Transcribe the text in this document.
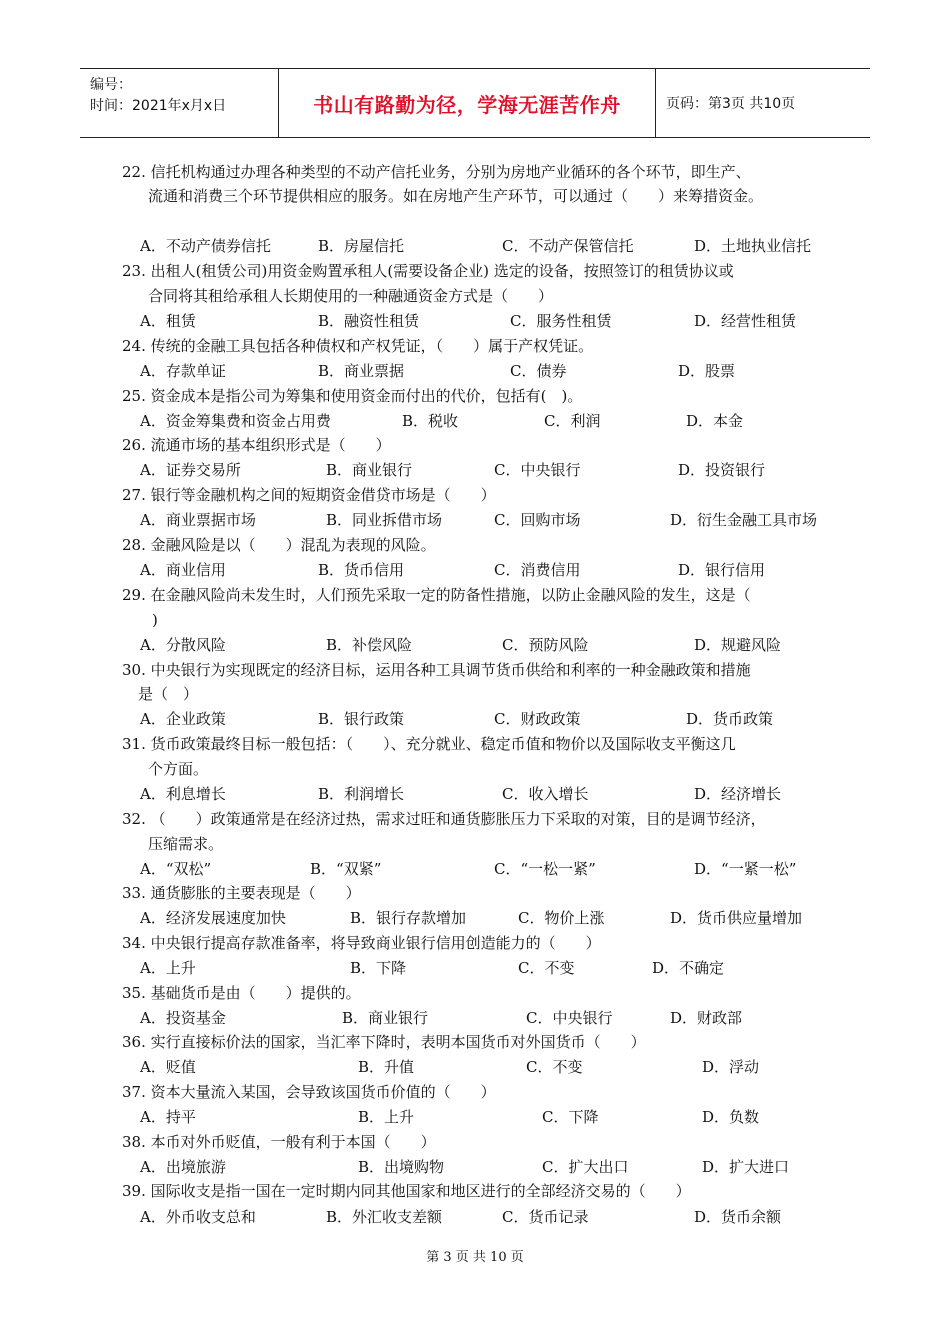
编号：
时间：2021年x月x日	书山有路勤为径，学海无涯苦作舟	页码：第3页 共10页
22. 信托机构通过办理各种类型的不动产信托业务，分别为房地产业循环的各个环节，即生产、
流通和消费三个环节提供相应的服务。如在房地产生产环节，可以通过（　　）来筹措资金。
A．不动产债券信托	B．房屋信托	C．不动产保管信托	D．土地执业信托
23. 出租人(租赁公司)用资金购置承租人(需要设备企业) 选定的设备，按照签订的租赁协议或
合同将其租给承租人长期使用的一种融通资金方式是（　　）
A．租赁	B．融资性租赁	C．服务性租赁	D．经营性租赁
24. 传统的金融工具包括各种债权和产权凭证，（　　）属于产权凭证。
A．存款单证	B．商业票据	C．债券	D．股票
25. 资金成本是指公司为筹集和使用资金而付出的代价，包括有(　)。
A．资金筹集费和资金占用费	B．税收	C．利润	D．本金
26. 流通市场的基本组织形式是（　　）
A．证券交易所	B．商业银行	C．中央银行	D．投资银行
27. 银行等金融机构之间的短期资金借贷市场是（　　）
A．商业票据市场	B．同业拆借市场	C．回购市场	D．衍生金融工具市场
28. 金融风险是以（　　）混乱为表现的风险。
A．商业信用	B．货币信用	C．消费信用	D．银行信用
29. 在金融风险尚未发生时，人们预先采取一定的防备性措施，以防止金融风险的发生，这是（
)
A．分散风险	B．补偿风险	C．预防风险	D．规避风险
30. 中央银行为实现既定的经济目标，运用各种工具调节货币供给和利率的一种金融政策和措施
是（　）
A．企业政策	B．银行政策	C．财政政策	D．货币政策
31. 货币政策最终目标一般包括：（　　）、充分就业、稳定币值和物价以及国际收支平衡这几
个方面。
A．利息增长	B．利润增长	C．收入增长	D．经济增长
32. （　　）政策通常是在经济过热，需求过旺和通货膨胀压力下采取的对策，目的是调节经济，
压缩需求。
A．“双松”	B．“双紧”	C．“一松一紧”	D．“一紧一松”
33. 通货膨胀的主要表现是（　　）
A．经济发展速度加快	B．银行存款增加	C．物价上涨	D．货币供应量增加
34. 中央银行提高存款准备率，将导致商业银行信用创造能力的（　　）
A．上升	B．下降	C．不变	D．不确定
35. 基础货币是由（　　）提供的。
A．投资基金	B．商业银行	C．中央银行	D．财政部
36. 实行直接标价法的国家，当汇率下降时，表明本国货币对外国货币（　　）
A．贬值	B．升值	C．不变	D．浮动
37. 资本大量流入某国，会导致该国货币价值的（　　）
A．持平	B．上升	C．下降	D．负数
38. 本币对外币贬值，一般有利于本国（　　）
A．出境旅游	B．出境购物	C．扩大出口	D．扩大进口
39. 国际收支是指一国在一定时期内同其他国家和地区进行的全部经济交易的（　　）
A．外币收支总和	B．外汇收支差额	C．货币记录	D．货币余额
第 3 页 共 10 页
